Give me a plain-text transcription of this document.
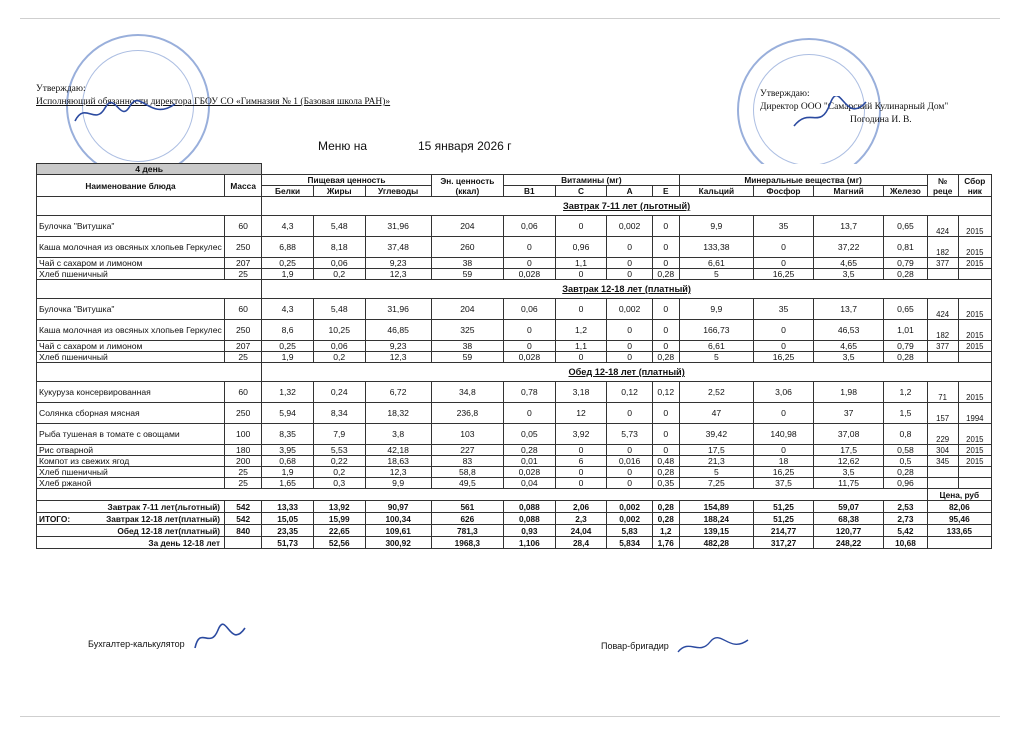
Утверждаю:
Исполняющий обязанности директора ГБОУ СО «Гимназия № 1 (Базовая школа РАН)»
Утверждаю:
Директор ООО "Самарский Кулинарный Дом"
Погодина И. В.
Меню на	15 января 2026 г
4 день															
Наименование блюда	Масса	Пищевая ценность			Эн. ценность (ккал)	Витамины (мг)				Минеральные вещества (мг)				№ реце	Сбор ник
		Белки	Жиры	Углеводы		B1	C	A	E	Кальций	Фосфор	Магний	Железо		
		Завтрак 7-11 лет (льготный)													
Булочка "Витушка"	60	4,3	5,48	31,96	204	0,06	0	0,002	0	9,9	35	13,7	0,65	424	2015
Каша молочная из овсяных хлопьев Геркулес	250	6,88	8,18	37,48	260	0	0,96	0	0	133,38	0	37,22	0,81	182	2015
Чай с сахаром и лимоном	207	0,25	0,06	9,23	38	0	1,1	0	0	6,61	0	4,65	0,79	377	2015
Хлеб пшеничный	25	1,9	0,2	12,3	59	0,028	0	0	0,28	5	16,25	3,5	0,28		
		Завтрак 12-18 лет (платный)													
Булочка "Витушка"	60	4,3	5,48	31,96	204	0,06	0	0,002	0	9,9	35	13,7	0,65	424	2015
Каша молочная из овсяных хлопьев Геркулес	250	8,6	10,25	46,85	325	0	1,2	0	0	166,73	0	46,53	1,01	182	2015
Чай с сахаром и лимоном	207	0,25	0,06	9,23	38	0	1,1	0	0	6,61	0	4,65	0,79	377	2015
Хлеб пшеничный	25	1,9	0,2	12,3	59	0,028	0	0	0,28	5	16,25	3,5	0,28		
		Обед 12-18 лет (платный)													
Кукуруза консервированная	60	1,32	0,24	6,72	34,8	0,78	3,18	0,12	0,12	2,52	3,06	1,98	1,2	71	2015
Солянка сборная мясная	250	5,94	8,34	18,32	236,8	0	12	0	0	47	0	37	1,5	157	1994
Рыба тушеная в томате с овощами	100	8,35	7,9	3,8	103	0,05	3,92	5,73	0	39,42	140,98	37,08	0,8	229	2015
Рис отварной	180	3,95	5,53	42,18	227	0,28	0	0	0	17,5	0	17,5	0,58	304	2015
Компот из свежих ягод	200	0,68	0,22	18,63	83	0,01	6	0,016	0,48	21,3	18	12,62	0,5	345	2015
Хлеб пшеничный	25	1,9	0,2	12,3	58,8	0,028	0	0	0,28	5	16,25	3,5	0,28		
Хлеб ржаной	25	1,65	0,3	9,9	49,5	0,04	0	0	0,35	7,25	37,5	11,75	0,96		
														Цена, руб	
Завтрак 7-11 лет(льготный)	542	13,33	13,92	90,97	561	0,088	2,06	0,002	0,28	154,89	51,25	59,07	2,53	82,06	

ИТОГО: Завтрак 12-18 лет(платный)	542	15,05	15,99	100,34	626	0,088	2,3	0,002	0,28	188,24	51,25	68,38	2,73	95,46	
Обед 12-18 лет(платный)	840	23,35	22,65	109,61	781,3	0,93	24,04	5,83	1,2	139,15	214,77	120,77	5,42	133,65	
За день 12-18 лет		51,73	52,56	300,92	1968,3	1,106	28,4	5,834	1,76	482,28	317,27	248,22	10,68		
Бухгалтер-калькулятор	Повар-бригадир
